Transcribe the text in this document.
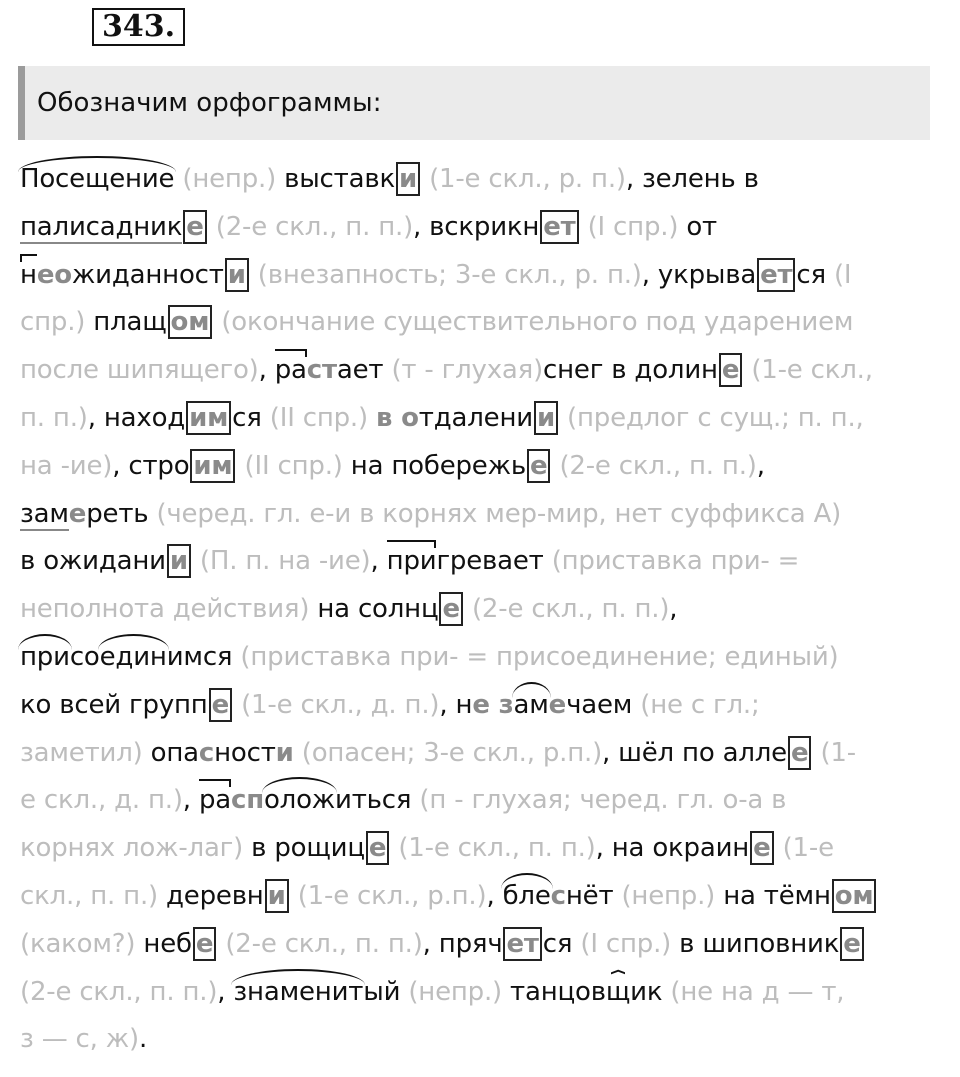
343.
Обозначим орфограммы:
Посещение (непр.) выставк и (1-е скл., р. п.), зелень в
палисадник е (2-е скл., п. п.), вскрикн ет (I спр.) от
неожиданност и (внезапность; 3-е скл., р. п.), укрыва ет ся (I
спр.) плащ ом (окончание существительного под ударением
после шипящего), растает (т - глухая)снег в долин е (1-е скл.,
п. п.), наход им ся (II спр.) в отдалени и (предлог с сущ.; п. п.,
на -ие), стро им (II спр.) на побережь е (2-е скл., п. п.),
замереть (черед. гл. е-и в корнях мер-мир, нет суффикса А)
в ожидани и (П. п. на -ие), пригревает (приставка при- =
неполнота действия) на солнц е (2-е скл., п. п.),
присоединимся (приставка при- = присоединение; единый)
ко всей групп е (1-е скл., д. п.), не замечаем (не с гл.;
заметил) опасности (опасен; 3-е скл., р.п.), шёл по алле е (1-
е скл., д. п.), расположиться (п - глухая; черед. гл. о-а в
корнях лож-лаг) в рощиц е (1-е скл., п. п.), на окраин е (1-е
скл., п. п.) деревн и (1-е скл., р.п.), блеснёт (непр.) на тёмн ом
(каком?) неб е (2-е скл., п. п.), пряч ет ся (I спр.) в шиповник е
(2-е скл., п. п.), знаменитый (непр.) танцовщик (не на д — т,
з — с, ж).
